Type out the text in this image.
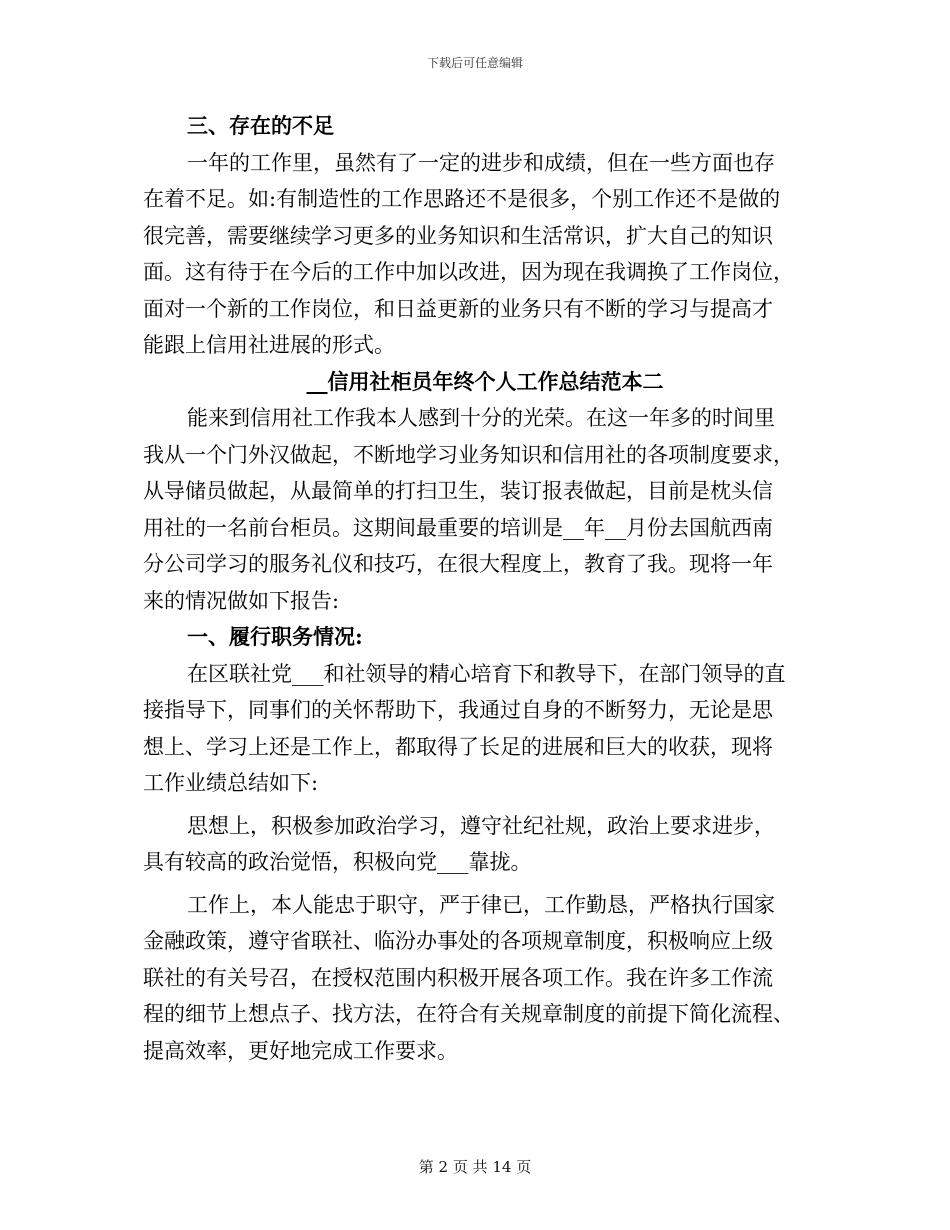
下载后可任意编辑
三、存在的不足
一年的工作里，虽然有了一定的进步和成绩，但在一些方面也存
在着不足。如:有制造性的工作思路还不是很多，个别工作还不是做的
很完善，需要继续学习更多的业务知识和生活常识，扩大自己的知识
面。这有待于在今后的工作中加以改进，因为现在我调换了工作岗位，
面对一个新的工作岗位，和日益更新的业务只有不断的学习与提高才
能跟上信用社进展的形式。
__信用社柜员年终个人工作总结范本二
能来到信用社工作我本人感到十分的光荣。在这一年多的时间里
我从一个门外汉做起，不断地学习业务知识和信用社的各项制度要求，
从导储员做起，从最简单的打扫卫生，装订报表做起，目前是枕头信
用社的一名前台柜员。这期间最重要的培训是__年__月份去国航西南
分公司学习的服务礼仪和技巧，在很大程度上，教育了我。现将一年
来的情况做如下报告:
一、履行职务情况:
在区联社党___和社领导的精心培育下和教导下，在部门领导的直
接指导下，同事们的关怀帮助下，我通过自身的不断努力，无论是思
想上、学习上还是工作上，都取得了长足的进展和巨大的收获，现将
工作业绩总结如下:
思想上，积极参加政治学习，遵守社纪社规，政治上要求进步，
具有较高的政治觉悟，积极向党___靠拢。
工作上，本人能忠于职守，严于律已，工作勤恳，严格执行国家
金融政策，遵守省联社、临汾办事处的各项规章制度，积极响应上级
联社的有关号召，在授权范围内积极开展各项工作。我在许多工作流
程的细节上想点子、找方法，在符合有关规章制度的前提下简化流程、
提高效率，更好地完成工作要求。
第 2 页 共 14 页
